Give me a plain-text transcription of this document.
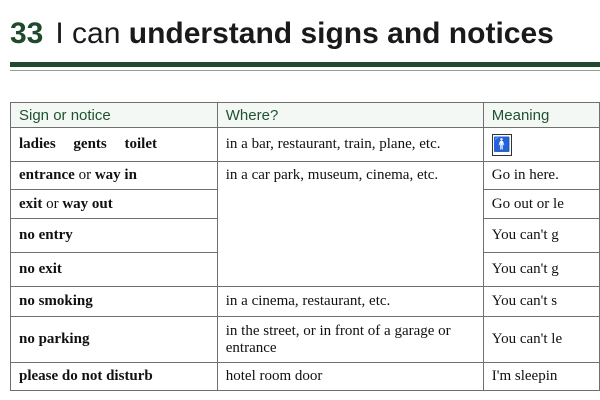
33 I can understand signs and notices
Sign or notice	Where?	Meaning
ladies gents toilet	in a bar, restaurant, train, plane, etc.	🚹
entrance or way in	in a car park, museum, cinema, etc.	Go in here.
exit or way out		Go out or le
no entry		You can't g
no exit		You can't g
no smoking	in a cinema, restaurant, etc.	You can't s
no parking	in the street, or in front of a garage or entrance	You can't le
please do not disturb	hotel room door	I'm sleepin
